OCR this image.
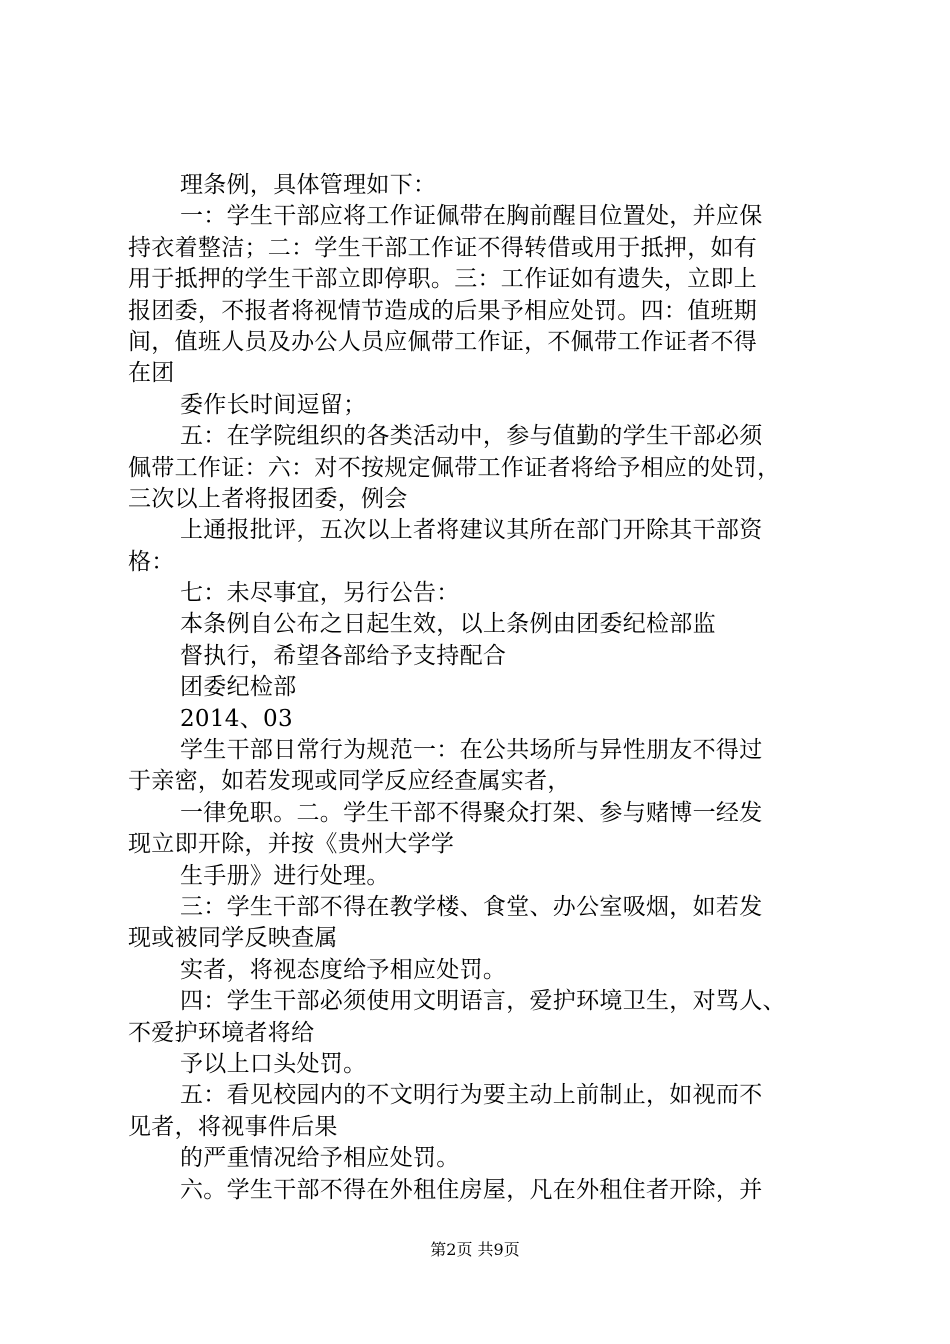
理条例，具体管理如下：
一：学生干部应将工作证佩带在胸前醒目位置处，并应保
持衣着整洁；二：学生干部工作证不得转借或用于抵押，如有
用于抵押的学生干部立即停职。三：工作证如有遗失，立即上
报团委，不报者将视情节造成的后果予相应处罚。四：值班期
间，值班人员及办公人员应佩带工作证，不佩带工作证者不得
在团
委作长时间逗留；
五：在学院组织的各类活动中，参与值勤的学生干部必须
佩带工作证：六：对不按规定佩带工作证者将给予相应的处罚，
三次以上者将报团委，例会
上通报批评，五次以上者将建议其所在部门开除其干部资
格：
七：未尽事宜，另行公告：
本条例自公布之日起生效，以上条例由团委纪检部监
督执行，希望各部给予支持配合
团委纪检部
2014、03
学生干部日常行为规范一：在公共场所与异性朋友不得过
于亲密，如若发现或同学反应经查属实者，
一律免职。二。学生干部不得聚众打架、参与赌博一经发
现立即开除，并按《贵州大学学
生手册》进行处理。
三：学生干部不得在教学楼、食堂、办公室吸烟，如若发
现或被同学反映查属
实者，将视态度给予相应处罚。
四：学生干部必须使用文明语言，爱护环境卫生，对骂人、
不爱护环境者将给
予以上口头处罚。
五：看见校园内的不文明行为要主动上前制止，如视而不
见者，将视事件后果
的严重情况给予相应处罚。
六。学生干部不得在外租住房屋，凡在外租住者开除，并
第2页 共9页
